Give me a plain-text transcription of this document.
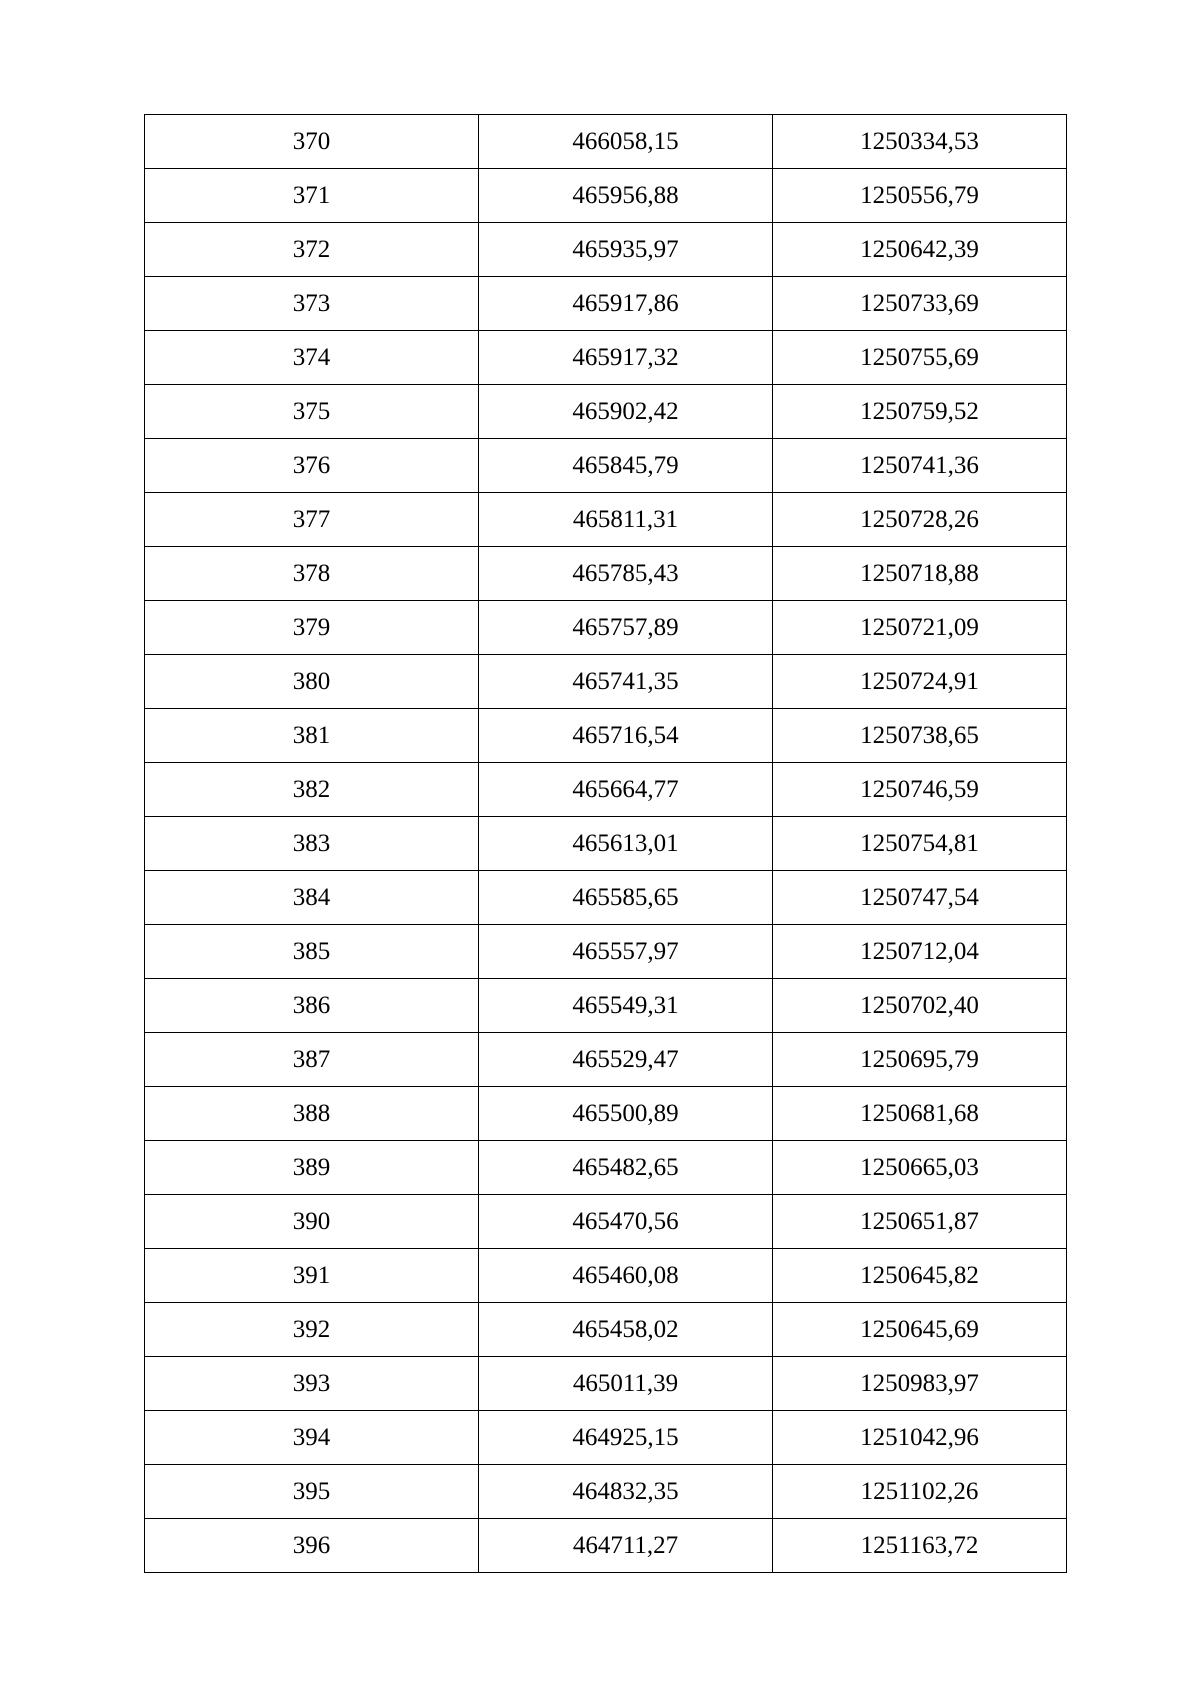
370	466058,15	1250334,53
371	465956,88	1250556,79
372	465935,97	1250642,39
373	465917,86	1250733,69
374	465917,32	1250755,69
375	465902,42	1250759,52
376	465845,79	1250741,36
377	465811,31	1250728,26
378	465785,43	1250718,88
379	465757,89	1250721,09
380	465741,35	1250724,91
381	465716,54	1250738,65
382	465664,77	1250746,59
383	465613,01	1250754,81
384	465585,65	1250747,54
385	465557,97	1250712,04
386	465549,31	1250702,40
387	465529,47	1250695,79
388	465500,89	1250681,68
389	465482,65	1250665,03
390	465470,56	1250651,87
391	465460,08	1250645,82
392	465458,02	1250645,69
393	465011,39	1250983,97
394	464925,15	1251042,96
395	464832,35	1251102,26
396	464711,27	1251163,72
